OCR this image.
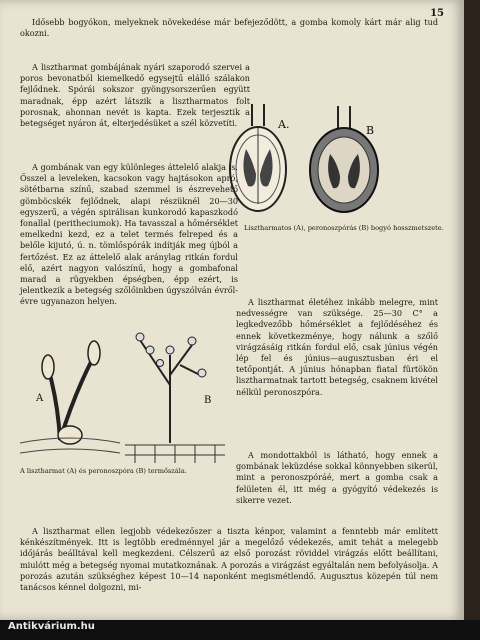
15

Idősebb bogyókon, melyeknek növekedése már befejeződött, a gomba komoly kárt már alig tud okozni.

A lisztharmat gombájának nyári szaporodó szervei a poros bevonatból kiemelkedő egysejtű elálló szálakon fejlődnek. Spórái sokszor gyöngysorszerűen együtt maradnak, épp azért látszik a lisztharmatos folt porosnak, ahonnan nevét is kapta. Ezek terjesztik a betegséget nyáron át, elterjedésüket a szél közvetíti.	A.	B

Lisztharmatos (A), peronoszpórás (B) bogyó hosszmetszete.

A gombának van egy különleges áttelelő alakja is. Ősszel a leveleken, kacsokon vagy hajtásokon apró, sötétbarna színű, szabad szemmel is észrevehető gömböcskék fejlődnek, alapi részüknél 20—30 egyszerű, a végén spirálisan kunkorodó kapaszkodó fonallal (peritheciumok). Ha tavasszal a hőmérséklet emelkedni kezd, ez a telet termés felreped és a belőle kijutó, ú. n. tömlőspórák indítják meg újból a fertőzést. Ez az áttelelő alak aránylag ritkán fordul elő, azért nagyon valószínű, hogy a gombafonal marad a rügyekben épségben, épp ezért, is jelentkezik a betegség szőlőinkben úgyszólván évről-évre ugyanazon helyen.	A lisztharmat életéhez inkább melegre, mint nedvességre van szüksége. 25—30 C° a legkedvezőbb hőmérséklet a fejlődéséhez és ennek következménye, hogy nálunk a szőlő virágzásáig ritkán fordul elő, csak június végén lép fel és június—augusztusban éri el tetőpontját. A június hónapban fiatal fürtökön lisztharmatnak tartott betegség, csaknem kivétel nélkül peronoszpóra.

A	B

A lisztharmat (A) és peronoszpóra (B) termőszála.

A mondottakból is látható, hogy ennek a gombának leküzdése sokkal könnyebben sikerül, mint a peronoszpóráé, mert a gomba csak a felületen él, itt még a gyógyító védekezés is sikerre vezet.

A lisztharmat ellen legjobb védekezőszer a tiszta kénpor, valamint a fenntebb már említett kénkészítmények. Itt is legtöbb eredménnyel jár a megelőző védekezés, amit tehát a melegebb időjárás beálltával kell megkezdeni. Célszerű az első porozást röviddel virágzás előtt beállítani, miulótt még a betegség nyomai mutatkoznának. A porozás a virágzást egyáltalán nem befolyásolja. A porozás azután szükséghez képest 10—14 naponként megismétlendő. Augusztus közepén túl nem tanácsos kénnel dolgozni, mi-

Antikvárium.hu
